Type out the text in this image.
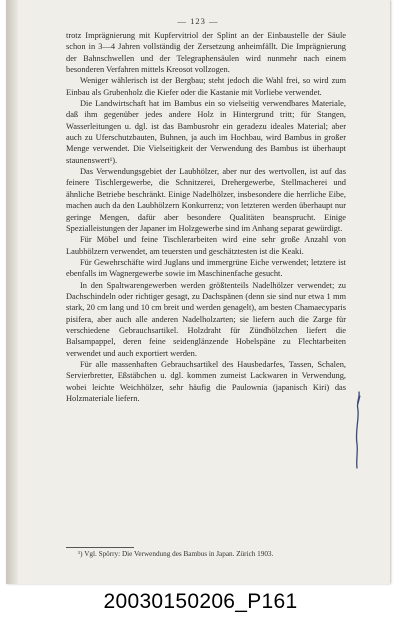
— 123 —

trotz Imprägnierung mit Kupfervitriol der Splint an der Einbaustelle der Säule schon in 3—4 Jahren vollständig der Zersetzung anheimfällt. Die Imprägnierung der Bahnschwellen und der Telegraphensäulen wird nunmehr nach einem besonderen Verfahren mittels Kreosot vollzogen.

Weniger wählerisch ist der Bergbau; steht jedoch die Wahl frei, so wird zum Einbau als Grubenholz die Kiefer oder die Kastanie mit Vorliebe verwendet.

Die Landwirtschaft hat im Bambus ein so vielseitig verwendbares Materiale, daß ihm gegenüber jedes andere Holz in Hintergrund tritt; für Stangen, Wasserleitungen u. dgl. ist das Bambusrohr ein geradezu ideales Material; aber auch zu Uferschutzbauten, Buhnen, ja auch im Hochbau, wird Bambus in großer Menge verwendet. Die Vielseitigkeit der Verwendung des Bambus ist überhaupt staunenswert¹).

Das Verwendungsgebiet der Laubhölzer, aber nur des wertvollen, ist auf das feinere Tischlergewerbe, die Schnitzerei, Drehergewerbe, Stellmacherei und ähnliche Betriebe beschränkt. Einige Nadelhölzer, insbesondere die herrliche Eibe, machen auch da den Laubhölzern Konkurrenz; von letzteren werden überhaupt nur geringe Mengen, dafür aber besondere Qualitäten beansprucht. Einige Spezialleistungen der Japaner im Holzgewerbe sind im Anhang separat gewürdigt.

Für Möbel und feine Tischlerarbeiten wird eine sehr große Anzahl von Laubhölzern verwendet, am teuersten und geschätztesten ist die Keaki.

Für Gewehrschäfte wird Juglans und immergrüne Eiche verwendet; letztere ist ebenfalls im Wagnergewerbe sowie im Maschinenfache gesucht.

In den Spaltwarengewerben werden größtenteils Nadelhölzer verwendet; zu Dachschindeln oder richtiger gesagt, zu Dachspänen (denn sie sind nur etwa 1 mm stark, 20 cm lang und 10 cm breit und werden genagelt), am besten Chamaecyparis pisifera, aber auch alle anderen Nadelholzarten; sie liefern auch die Zarge für verschiedene Gebrauchsartikel. Holzdraht für Zündhölzchen liefert die Balsampappel, deren feine seidenglänzende Hobelspäne zu Flechtarbeiten verwendet und auch exportiert werden.

Für alle massenhaften Gebrauchsartikel des Hausbedarfes, Tassen, Schalen, Servierbretter, Eßstäbchen u. dgl. kommen zumeist Lackwaren in Verwendung, wobei leichte Weichhölzer, sehr häufig die Paulownia (japanisch Kiri) das Holzmateriale liefern.

¹) Vgl. Spörry: Die Verwendung des Bambus in Japan. Zürich 1903.
20030150206_P161
